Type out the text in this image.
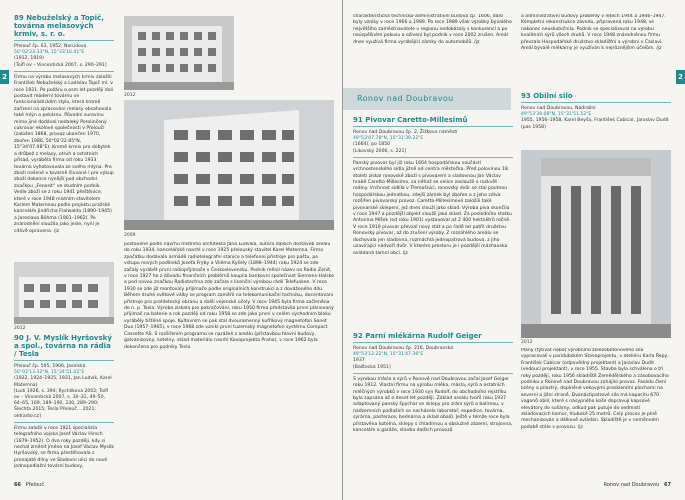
2
89 Nebuželský a Topič, továrna melasových krmiv, s. r. o.
Přelouč čp. 63, 1952, Nerudova
50°02'23.33"N, 15°33'16.41"E
(1912, 1919)
[Toifl ov – Vincentická 2007, s. 290–291]

Firmu na výrobu melasových krmiv založili František Nebuželský a Ladislav Topič ml. v roce 1921. Po požáru o osm let později dali postavit moderní továrnu ve funkcionalistickém stylu, která kromě zařízení na zpracování melasy obsahovala také mlýn a pekárnu. Původní surovinu mimo jiné dodával nedaleký Porolinčený cukrovar ekolové společnosti v Přelouči (založen 1868, provoz ukončen 1970, zbořen 1986, 50°02'22.85"N, 15°34'07.08"E). Kromě krmiv pro dobytek a drůbež z melasy, otruh a ostatních přísad, vyráběla firma od roku 1933 továrna vyhotovovala ze svého mlýna. Pro zboží nošené v továrně čluvané i pro výkup zboží dokonce nýnější pod obchodní značkou „Fenesít“ ve studním podnik. Vedle zboží se z roku 1941 přeštěnice, které v roce 1948 mistním stavitelem Karlem Matemnou podle projektu pražské kanceláře Jindřicha Fraiwalda (1890–1945) a Jaroslava Böhma (1901–1962). Po znárodnění sloužila jako jesle, nyní je citlivě opravena. /jz

2012
2009
2012
90 J. V. Myslík Hyršovský a spol., továrna na rádia / Tesla
Přelouč čp. 595, 1906, Jaselská
50°02'13.32"N, 15°34'51.02"E
(1922, 1924–1925, 1931, Jan Ludvík, Karel Matemna)
[Ludi 1926, s. 394; Rychlikova 2002; Toifl ov – Vincentická 2007, s. 30–31, 49–50, 64–65, 169, 189–190, 230, 289–290; Šlechta 2015; Tesla Přelouč... 2021; oldradio.cz]

Firmu založil v roce 1921 specialista telegrafního vojska Josef Václav Hirsch (1879–1952). O dva roky později, kdy si nechal změnit jméno na Josef Václav Myslík Hyršovský, se firma přestěhovala z pronajaté dílny ve Sladovní ulici do nové jednopodlažní tovární budovy,

postavené podle návrhu místního architekta Jana Ludvíka, autora dalších dostaveb areálu do roku 1934, kancelářské navrhl v roce 1925 přelouský stavitel Karel Matemna. Firma zpočátku dodávala armádě radiotelegrafní stanice a telefonní přístroje pro poštu, po vstupu nových podílníků Josefa Frýby a Viléma Kyšely (1898–1944) roku 1924 se zde začaly vyrábět první radiopřijímače v Československu. Podnik měnil název na Radio Zenit, v roce 1927 ho z důvodu finančních problémů koupila bankovní společnost Siemens-Halske a pod novou značkou Radiotechna zde začala s licenční výrobou rádií Telefunken. V roce 1930 se zde již montovaly přijímače podle originálních konstrukcí a z dováženého dílu. Během druhé světové války se program zaměřil na telekomunikační techniku, docentovani přístroje pro protiletecký obranu a další vojenské účely. V roce 1945 byla firma začleněna do n. p. Tesla. Výroba získala pro pokračování, roku 1950 firma představila první plánovaný přijímač na baterie a rok později od roku 1958 se zde jako první v celém východním bloku vyráběly tištěné spoje. Kultovním se pak stal dvouramenný kufříkový magnetofon Sonet Duo (1957–1965), v roce 1968 zde vznikl první tuzemský magnetofon systému Compact Cassette AS. S rozšířením programu se naráželi z areálu (přistavbou hlavní budovy, galvanizovny, kotelny, sklad materiálu navrhl Kovoprojekta Praha), v roce 1962 byla dokončena pro podniky Tesla

66 Přelouč
2

charakteristická technicko-administrativní budova čp. 1606, další byly vzniky v roce 1966 a 1989. Po roce 1989 však výrobky bývalého největšího zaměstnavatele v regionu nedokázaly s konkurencí a po neúspěšném pokusu o oživení byl podnik v roce 2002 zrušen. Areál dnes využívá firma vyrábějící zámky do automobilů. /jz

Ronov nad Doubravou
91 Pivovar Caretto-Millesimů
Ronov nad Doubravou čp. 2, Žižkovo náměstí
49°53'07.78"N, 15°31'39.22"E
(1664), po 1850
[Likovský 2006, s. 221]

Panský pivovar byl již roku 1664 hospodářskou součástí vrchnostenského sídla jižně od centra městečka. Před polovinou 18. století získal ronovské zboží s pivovarem a sladovnou Jan Václav hrabě Caretto-Millesimo, za něhož se velice zasloužil o rozkvět rodiny. Vrchnost sídlila v Třemošnici, ronovský dvůr se stal poutnou hospodářskou jednotkou, zdejší zámek byl zbořen a z jeho zdiva rozšířen pivovarský provoz. Caretto-Millesimové založili také pivovarské sklepení, jež dnes slouží jako sklad. Výroba piva skončila v roce 1947 a pozdější objekt sloužil jako sklad. Za posledního statku Antonína Míšek (od roku 1901) vystavoval až 2 400 hektolitrů ročně. V roce 1919 pivovar převzal nový stát a po řadě let patřil družstvu Ronovský pivovar, až do zrušení výroby. Z rozsáhlého areálu se dochovala jen sladovna, rozmáchlá jednopatrová budova, z jiho uzavírající nádvoří dvůr. V kterém prostoru je i pozdější mázhauska ovládaná tamní obcí. /jz

92 Parní mlékárna Rudolf Geiger
Ronov nad Doubravou čp. 216, Doubravská
49°53'12.22"N, 15°31'47.36"E
1937
[Baštecká 1951]

S výrobou másla a sýrů v Ronově nad Doubravou začal Josef Geiger roku 1912. Vlastní firmu na výrobu mléka, másla, sýrů a ostatních mléčných výrobků v roce 1930 syn Rudolf, do obchodního rejstříku byla zapsána až o deset let později. Základ areálu tvořil roku 1937 adaptovaný panský špýchar se sklepy pro zrání sýrů a balírnou, v nadzemních podlažích se nacházela laboratoř, expedice, továrna, sýrárna, pasterace, bednárna a sklad obalů. Ještě v témže roce byla přistavěna kotelna, sklepy s chladírnou a obslužné zázemí, strojovna, kanceláře a garáže, stavba dalších provozů

a administrativní budovy proběhly v letech 1944 a 1946–1947. Kompletní rekonstrukce závodu, připravená roku 1948, se nakonec neuskutečnila. Podnik se specializoval na výrobu kvalitních sýrů všech druhů. V roce 1948 znárodněnou firmu převzalo Hospodářské družstvo skladišťní a výrobní v Čáslavi. Areál bývalé mlékárny je využíván k nejrůznějším účelům. /jz

93 Obilní silo
Ronov nad Doubravou, Nádražní
49°53'39.08"N, 15°31'51.52"E
1955, 1956–1958, Karel Beyša, František Cabicar, Jaroslav Dudit
(pas 1958)
2012

Plány (tytivat nebo) výrobního železobetonového sila vypracovali v paridubském Stavoprojektu, v ateliéru Karla Řepy, František Cabicar (odpovědný projektant) a Jaroslav Dudit (vedoucí projektant), v roce 1955. Stavba byla schválena o tři roky později, roku 1956 skladiště Zemědělského a zásobovacího podniku v Ronově nad Doubravou zahájilo provoz. Fasádu člení lizény a pilastry, doplněné vekovými proskleními plochami na severní a jižní straně. Dvanáctipatrové silo má kapacitu 670 vagonů obilí, které s násypného koše dopravují kapsové elevátory do sušárny, odkud pak putuje do sedmistí skladovacích komor, hluboké 25 metrů. Celý proces je plně mechanizován a dálkově ovládán. Skladiště je v neměnném podobě stále v provozu. /jz

Ronov nad Doubravou 67
